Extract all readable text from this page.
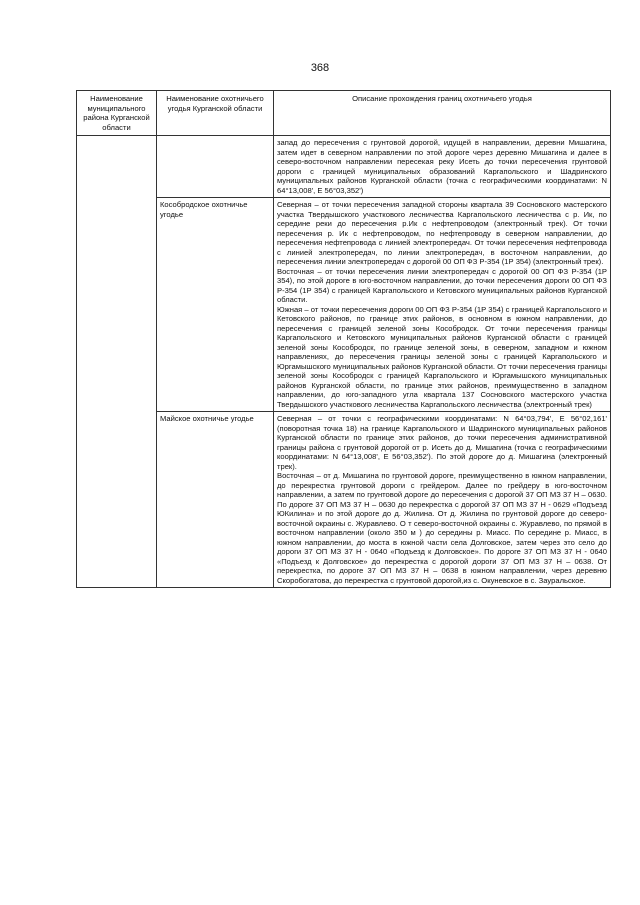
368
Наименование муниципального района Курганской области	Наименование охотничьего угодья Курганской области	Описание прохождения границ охотничьего угодья

		запад до пересечения с грунтовой дорогой, идущей в направлении, деревни Мишагина, затем идет в северном направлении по этой дороге через деревню Мишагина и далее в северо-восточном направлении пересекая реку Исеть до точки пересечения грунтовой дороги с границей муниципальных образований Каргапольского и Шадринского муниципальных районов Курганской области (точка с географическими координатами: N 64°13,008', E 56°03,352')

	Кособродское охотничье угодье	Северная – от точки пересечения западной стороны квартала 39 Сосновского мастерского участка Твердышского участкового лесничества Каргапольского лесничества с р. Ик, по середине реки до пересечения р.Ик с нефтепроводом (электронный трек). От точки пересечения р. Ик с нефтепроводом, по нефтепроводу в северном направлении, до пересечения нефтепровода с линией электропередач. От точки пересечения нефтепровода с линией электропередач, по линии электропередач, в восточном направлении, до пересечения линии электропередач с дорогой 00 ОП ФЗ Р-354 (1Р 354) (электронный трек).

Восточная – от точки пересечения линии электропередач с дорогой 00 ОП ФЗ Р-354 (1Р 354), по этой дороге в юго-восточном направлении, до точки пересечения дороги 00 ОП ФЗ Р-354 (1Р 354) с границей Каргапольского и Кетовского муниципальных районов Курганской области.

Южная – от точки пересечения дороги 00 ОП ФЗ Р-354 (1Р 354) с границей Каргапольского и Кетовского районов, по границе этих районов, в основном в южном направлении, до пересечения с границей зеленой зоны Кособродск. От точки пересечения границы Каргапольского и Кетовского муниципальных районов Курганской области с границей зеленой зоны Кособродск, по границе зеленой зоны, в северном, западном и южном направлениях, до пересечения границы зеленой зоны с границей Каргапольского и Юргамышского муниципальных районов Курганской области. От точки пересечения границы зеленой зоны Кособродск с границей Каргапольского и Юргамышского муниципальных районов Курганской области, по границе этих районов, преимущественно в западном направлении, до юго-западного угла квартала 137 Сосновского мастерского участка Твердышского участкового лесничества Каргапольского лесничества (электронный трек)

	Майское охотничье угодье	Северная – от точки с географическими координатами: N 64°03,794', E 56°02,161' (поворотная точка 18) на границе Каргапольского и Шадринского муниципальных районов Курганской области по границе этих районов, до точки пересечения административной границы района с грунтовой дорогой от р. Исеть до д. Мишагина (точка с географическими координатами: N 64°13,008', E 56°03,352'). По этой дороге до д. Мишагина (электронный трек).

Восточная – от д. Мишагина по грунтовой дороге, преимущественно в южном направлении, до перекрестка грунтовой дороги с грейдером. Далее по грейдеру в юго-восточном направлении, а затем по грунтовой дороге до пересечения с дорогой 37 ОП МЗ 37 Н – 0630. По дороге 37 ОП МЗ 37 Н – 0630 до перекрестка с дорогой 37 ОП МЗ 37 Н - 0629 «Подъезд ЮКилина» и по этой дороге до д. Жилина. От д. Жилина по грунтовой дороге до северо-восточной окраины с. Журавлево. О т северо-восточной окраины с. Журавлево, по прямой в восточном направлении (около 350 м ) до середины р. Миасс. По середине р. Миасс, в южном направлении, до моста в южной части села Долговское, затем через это село до дороги 37 ОП МЗ 37 Н - 0640 «Подъезд к Долговское». По дороге 37 ОП МЗ 37 Н - 0640 «Подъезд к Долговское» до перекрестка с дорогой дороги 37 ОП МЗ 37 Н – 0638. От перекрестка, по дороге 37 ОП МЗ 37 Н – 0638 в южном направлении, через деревню Скоробогатова, до перекрестка с грунтовой дорогой,из с. Окуневское в с. Зауральское.
